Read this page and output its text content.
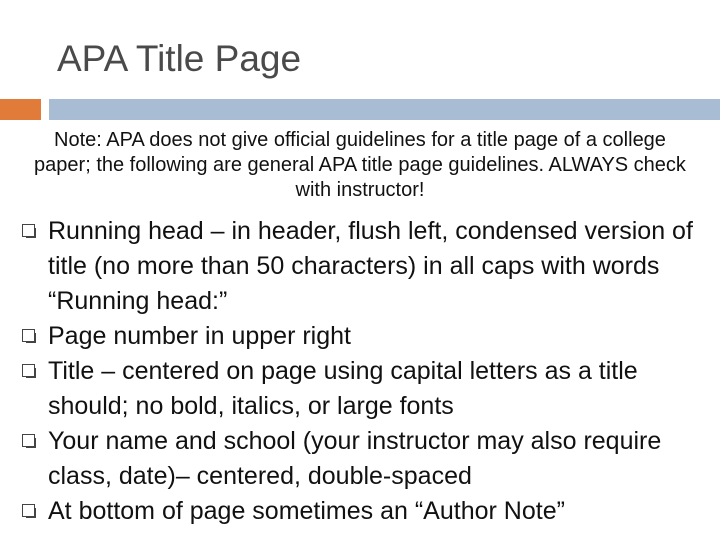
APA Title Page
Note: APA does not give official guidelines for a title page of a college paper; the following are general APA title page guidelines. ALWAYS check with instructor!
Running head – in header, flush left, condensed version of title (no more than 50 characters) in all caps with words “Running head:”
Page number in upper right
Title – centered on page using capital letters as a title should; no bold, italics, or large fonts
Your name and school (your instructor may also require class, date)– centered, double-spaced
At bottom of page sometimes an “Author Note”
